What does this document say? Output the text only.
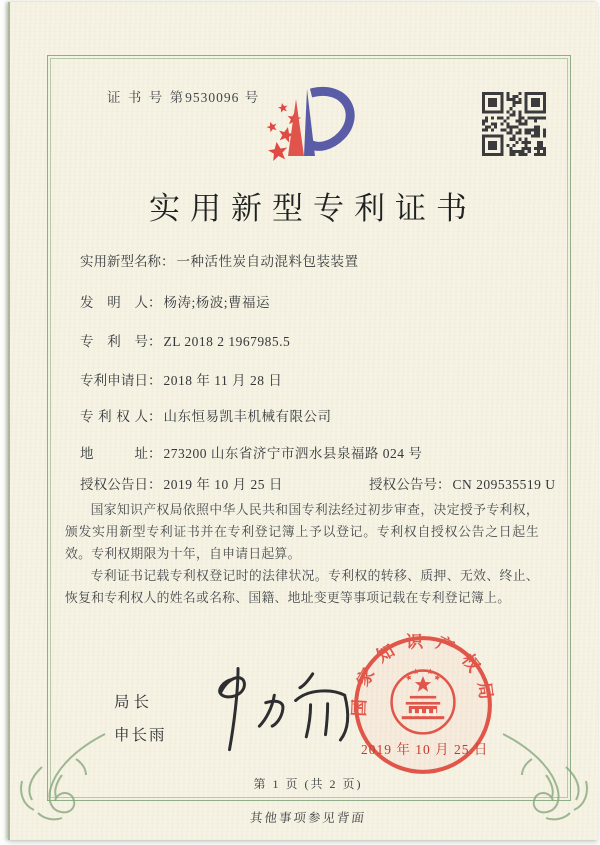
证 书 号 第9530096 号
实用新型专利证书
实用新型名称： 一种活性炭自动混料包装装置
发明人： 杨涛;杨波;曹福运
专利号： ZL 2018 2 1967985.5
专利申请日： 2018 年 11 月 28 日
专利权人： 山东恒易凯丰机械有限公司
地址： 273200 山东省济宁市泗水县泉福路 024 号
授权公告日： 2019 年 10 月 25 日	授权公告号： CN 209535519 U

国家知识产权局依照中华人民共和国专利法经过初步审查，决定授予专利权，颁发实用新型专利证书并在专利登记簿上予以登记。专利权自授权公告之日起生效。专利权期限为十年，自申请日起算。

专利证书记载专利权登记时的法律状况。专利权的转移、质押、无效、终止、恢复和专利权人的姓名或名称、国籍、地址变更等事项记载在专利登记簿上。

局长
申长雨
国家知识产权局
2019 年 10 月 25 日
第 1 页 (共 2 页)
其他事项参见背面
